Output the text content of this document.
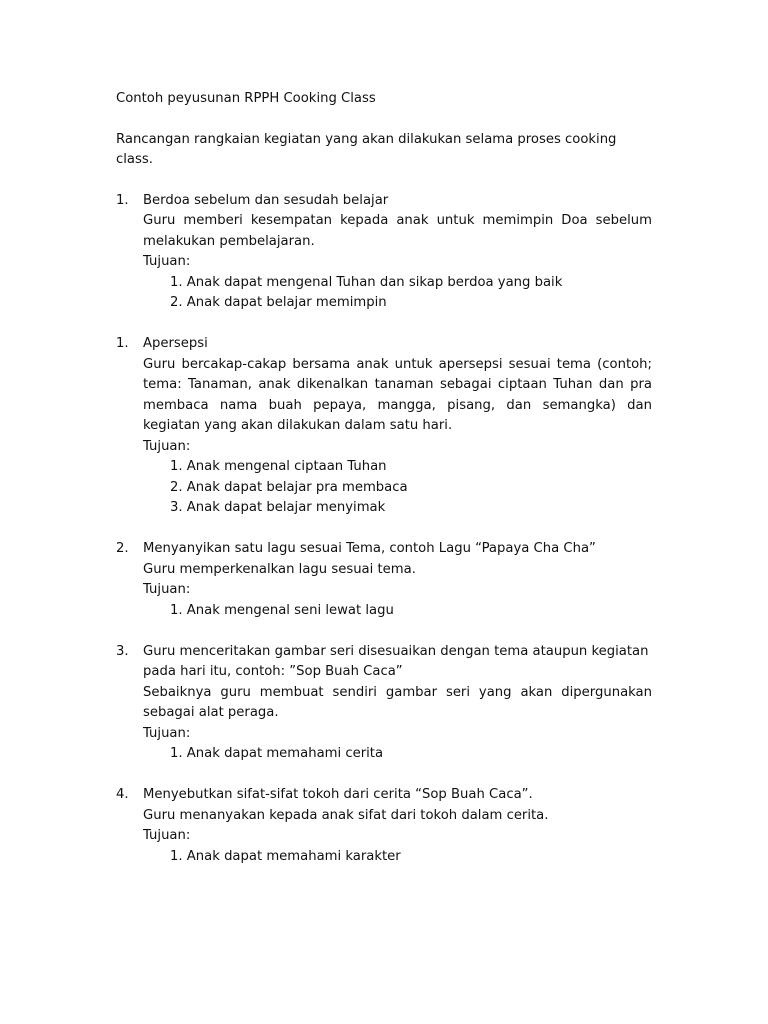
Contoh peyusunan RPPH Cooking Class

Rancangan rangkaian kegiatan yang akan dilakukan selama proses cooking class.

1. Berdoa sebelum dan sesudah belajar

Guru memberi kesempatan kepada anak untuk memimpin Doa sebelum melakukan pembelajaran.

Tujuan:
1. Anak dapat mengenal Tuhan dan sikap berdoa yang baik
2. Anak dapat belajar memimpin
1. Apersepsi

Guru bercakap-cakap bersama anak untuk apersepsi sesuai tema (contoh; tema: Tanaman, anak dikenalkan tanaman sebagai ciptaan Tuhan dan pra membaca nama buah pepaya, mangga, pisang, dan semangka) dan kegiatan yang akan dilakukan dalam satu hari.

Tujuan:
1. Anak mengenal ciptaan Tuhan
2. Anak dapat belajar pra membaca
3. Anak dapat belajar menyimak
2. Menyanyikan satu lagu sesuai Tema, contoh Lagu “Papaya Cha Cha”

Guru memperkenalkan lagu sesuai tema.

Tujuan:
1. Anak mengenal seni lewat lagu
3. Guru menceritakan gambar seri disesuaikan dengan tema ataupun kegiatan pada hari itu, contoh: ”Sop Buah Caca”

Sebaiknya guru membuat sendiri gambar seri yang akan dipergunakan sebagai alat peraga.

Tujuan:
1. Anak dapat memahami cerita
4. Menyebutkan sifat-sifat tokoh dari cerita “Sop Buah Caca”.

Guru menanyakan kepada anak sifat dari tokoh dalam cerita.

Tujuan:
1. Anak dapat memahami karakter
